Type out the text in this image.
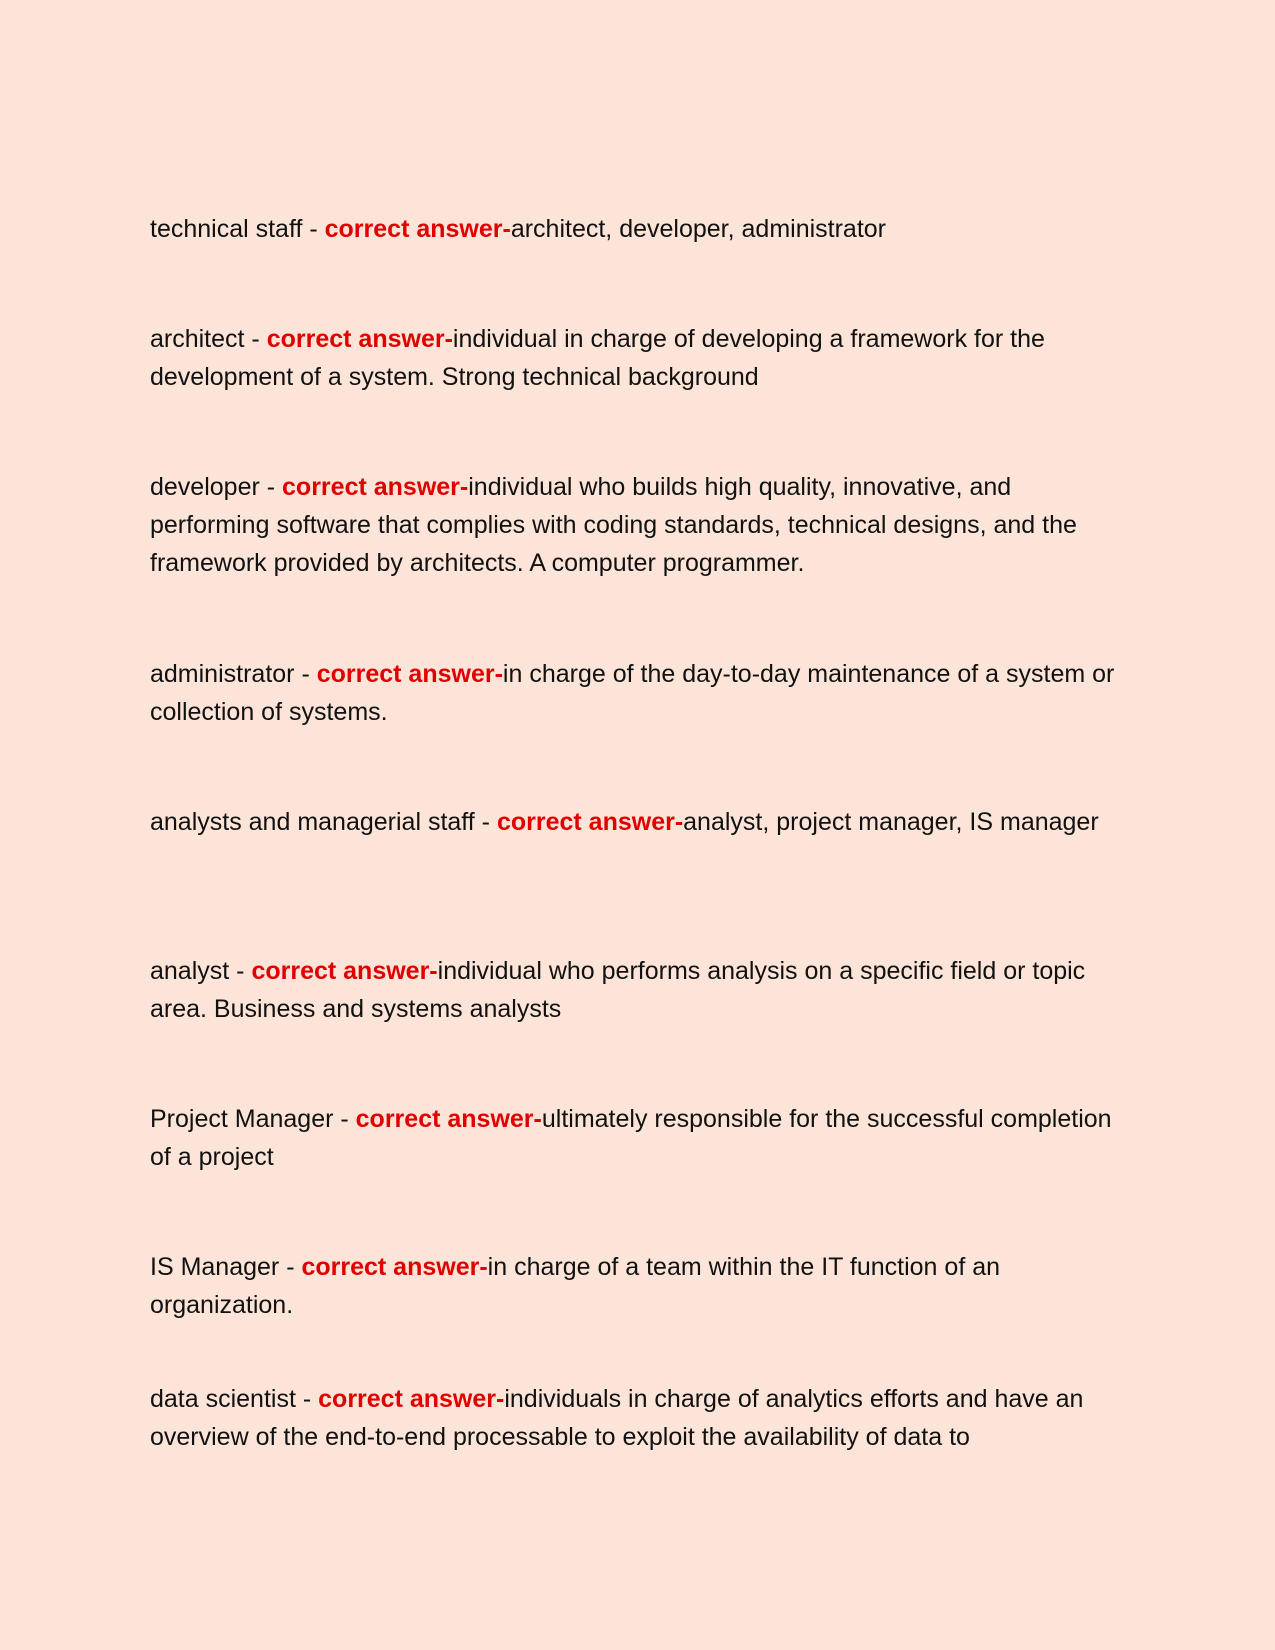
technical staff - correct answer-architect, developer, administrator

architect - correct answer-individual in charge of developing a framework for the development of a system. Strong technical background

developer - correct answer-individual who builds high quality, innovative, and performing software that complies with coding standards, technical designs, and the framework provided by architects. A computer programmer.

administrator - correct answer-in charge of the day-to-day maintenance of a system or collection of systems.

analysts and managerial staff - correct answer-analyst, project manager, IS manager

analyst - correct answer-individual who performs analysis on a specific field or topic area. Business and systems analysts

Project Manager - correct answer-ultimately responsible for the successful completion of a project

IS Manager - correct answer-in charge of a team within the IT function of an organization.

data scientist - correct answer-individuals in charge of analytics efforts and have an overview of the end-to-end processable to exploit the availability of data to
